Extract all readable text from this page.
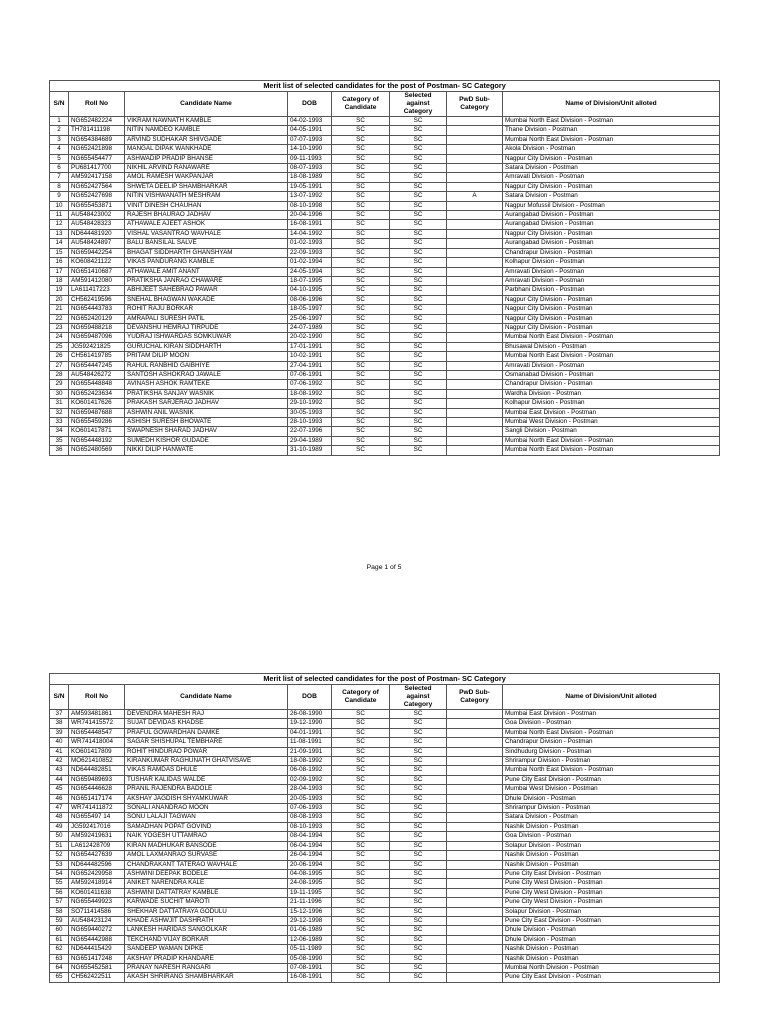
Merit list of selected candidates for the post of Postman- SC Category							
S/N	Roll No	Candidate Name	DOB	Category of Candidate	Selected against Category	PwD Sub-Category	Name of Division/Unit alloted
1	NG652482224	VIKRAM NAWNATH KAMBLE	04-02-1993	SC	SC		Mumbai North East Division - Postman
2	TH781411198	NITIN NAMDEO KAMBLE	04-05-1991	SC	SC		Thane Division - Postman
3	NG654384689	ARVIND SUDHAKAR SHIVGADE	07-07-1993	SC	SC		Mumbai North East Division - Postman
4	NG652421898	MANGAL DIPAK WANKHADE	14-10-1990	SC	SC		Akola Division - Postman
5	NG655454477	ASHWADIP PRADIP BHANSE	09-11-1993	SC	SC		Nagpur City Division - Postman
6	PU681417700	NIKHIL ARVIND RANAWARE	08-07-1993	SC	SC		Satara Division - Postman
7	AM592417158	AMOL RAMESH WAKPANJAR	18-08-1989	SC	SC		Amravati Division - Postman
8	NG652427564	SHWETA DEELIP SHAMBHARKAR	19-05-1991	SC	SC		Nagpur City Division - Postman
9	NG652427698	NITIN VISHWANATH MESHRAM	13-07-1992	SC	SC	A	Satara Division - Postman
10	NG655453871	VINIT DINESH CHAUHAN	08-10-1998	SC	SC		Nagpur Mofussil Division - Postman
11	AU548423002	RAJESH BHAURAO JADHAV	20-04-1996	SC	SC		Aurangabad Division - Postman
12	AU548428323	ATHAWALE AJEET ASHOK	16-08-1991	SC	SC		Aurangabad Division - Postman
13	ND644481920	VISHAL VASANTRAO WAVHALE	14-04-1992	SC	SC		Nagpur City Division - Postman
14	AU548424897	BALU BANSILAL SALVE	01-02-1993	SC	SC		Aurangabad Division - Postman
15	NG659442254	BHAGAT SIDDHARTH GHANSHYAM	22-09-1993	SC	SC		Chandrapur Division - Postman
16	KO608421122	VIKAS PANDURANG KAMBLE	01-02-1994	SC	SC		Kolhapur Division - Postman
17	NG651410687	ATHAWALE AMIT ANANT	24-05-1994	SC	SC		Amravati Division - Postman
18	AM591412080	PRATIKSHA JANRAO CHAWARE	18-07-1995	SC	SC		Amravati Division - Postman
19	LA611417223	ABHIJEET SAHEBRAO PAWAR	04-10-1995	SC	SC		Parbhani Division - Postman
20	CH562419596	SNEHAL BHAGWAN WAKADE	08-06-1996	SC	SC		Nagpur City Division - Postman
21	NG654443783	ROHIT RAJU BORKAR	18-05-1997	SC	SC		Nagpur City Division - Postman
22	NG652420129	AMRAPALI SURESH PATIL	25-06-1997	SC	SC		Nagpur City Division - Postman
23	NG659488218	DEVANSHU HEMRAJ TIRPUDE	24-07-1989	SC	SC		Nagpur City Division - Postman
24	NG659487096	YUDRAJ ISHWARDAS SOMKUWAR	20-02-1990	SC	SC		Mumbai North East Division - Postman
25	JG592421825	GURUCHAL KIRAN SIDDHARTH	17-01-1991	SC	SC		Bhusawal Division - Postman
26	CH561419785	PRITAM DILIP MOON	10-02-1991	SC	SC		Mumbai North East Division - Postman
27	NG654447245	RAHUL RANBHID GAIBHIYE	27-04-1991	SC	SC		Amravati Division - Postman
28	AU548426272	SANTOSH ASHOKRAO JAWALE	07-06-1991	SC	SC		Osmanabad Division - Postman
29	NG655448848	AVINASH ASHOK RAMTEKE	07-06-1992	SC	SC		Chandrapur Division - Postman
30	NG652423634	PRATIKSHA SANJAY WASNIK	18-08-1992	SC	SC		Wardha Division - Postman
31	KO601417626	PRAKASH SARJERAO JADHAV	29-10-1992	SC	SC		Kolhapur Division - Postman
32	NG659487688	ASHWIN ANIL WASNIK	30-05-1993	SC	SC		Mumbai East Division - Postman
33	NG655459286	ASHISH SURESH BHOWATE	28-10-1993	SC	SC		Mumbai West Division - Postman
34	KO601417871	SWAPNESH SHARAD JADHAV	22-07-1996	SC	SC		Sangli Division - Postman
35	NG654448192	SUMEDH KISHOR GUDADE	29-04-1989	SC	SC		Mumbai North East Division - Postman
36	NG652480569	NIKKI DILIP HANWATE	31-10-1989	SC	SC		Mumbai North East Division - Postman
Page 1 of 5
Merit list of selected candidates for the post of Postman- SC Category							
S/N	Roll No	Candidate Name	DOB	Category of Candidate	Selected against Category	PwD Sub-Category	Name of Division/Unit alloted
37	AM593481861	DEVENDRA MAHESH RAJ	26-08-1990	SC	SC		Mumbai East Division - Postman
38	WR741415572	SUJAT DEVIDAS KHADSE	19-12-1990	SC	SC		Goa Division - Postman
39	NG654448547	PRAFUL GOWARDHAN DAMKE	04-01-1991	SC	SC		Mumbai North East Division - Postman
40	WR741418004	SAGAR SHISHUPAL TEMBHARE	11-08-1991	SC	SC		Chandrapur Division - Postman
41	KO601417809	ROHIT HINDURAO POWAR	21-09-1991	SC	SC		Sindhudurg Division - Postman
42	MO621410852	KIRANKUMAR RAGHUNATH GHATVISAVE	18-08-1992	SC	SC		Shrirampur Division - Postman
43	ND644482851	VIKAS RAMDAS DHULE	06-08-1992	SC	SC		Mumbai North East Division - Postman
44	NG659489693	TUSHAR KALIDAS WALDE	02-09-1992	SC	SC		Pune City East Division - Postman
45	NG654446628	PRANIL RAJENDRA BADOLE	28-04-1993	SC	SC		Mumbai West Division - Postman
46	NG651417174	AKSHAY JAGDISH SHYAMKUWAR	20-05-1993	SC	SC		Dhule Division - Postman
47	WR741411872	SONALI ANANDRAO MOON	07-06-1993	SC	SC		Shrirampur Division - Postman
48	NG655497 14	SONU LALAJI TAGWAN	08-08-1993	SC	SC		Satara Division - Postman
49	JG592417016	SAMADHAN POPAT GOVIND	08-10-1993	SC	SC		Nashik Division - Postman
50	AM592419631	NAIK YOGESH UTTAMRAO	08-04-1994	SC	SC		Goa Division - Postman
51	LA612428709	KIRAN MADHUKAR BANSODE	06-04-1994	SC	SC		Solapur Division - Postman
52	NG654427639	AMOL LAXMANRAO SURVASE	26-04-1994	SC	SC		Nashik Division - Postman
53	ND644482596	CHANDRAKANT TATERAO WAVHALE	20-06-1994	SC	SC		Nashik Division - Postman
54	NG652429958	ASHWINI DEEPAK BODELE	04-08-1995	SC	SC		Pune City East Division - Postman
55	AM592418914	ANIKET NARENDRA KALE	24-08-1995	SC	SC		Pune City West Division - Postman
56	KO601411638	ASHWINI DATTATRAY KAMBLE	19-11-1995	SC	SC		Pune City West Division - Postman
57	NG655449923	KARWADE SUCHIT MAROTI	21-11-1996	SC	SC		Pune City West Division - Postman
58	SO711414586	SHEKHAR DATTATRAYA GODULU	15-12-1996	SC	SC		Solapur Division - Postman
59	AU548423124	KHADE ASHWJIT DASHRATH	29-12-1998	SC	SC		Pune City East Division - Postman
60	NG659440272	LANKESH HARIDAS SANGOLKAR	01-06-1989	SC	SC		Dhule Division - Postman
61	NG654442988	TEKCHAND VIJAY BORKAR	12-06-1989	SC	SC		Dhule Division - Postman
62	ND644415429	SANDEEP WAMAN DIPKE	05-11-1989	SC	SC		Nashik Division - Postman
63	NG651417248	AKSHAY PRADIP KHANDARE	05-08-1990	SC	SC		Nashik Division - Postman
64	NG655452581	PRANAY NARESH RANGARI	07-08-1991	SC	SC		Mumbai North Division - Postman
65	CH562422511	AKASH SHRIRANG SHAMBHARKAR	16-08-1991	SC	SC		Pune City East Division - Postman
